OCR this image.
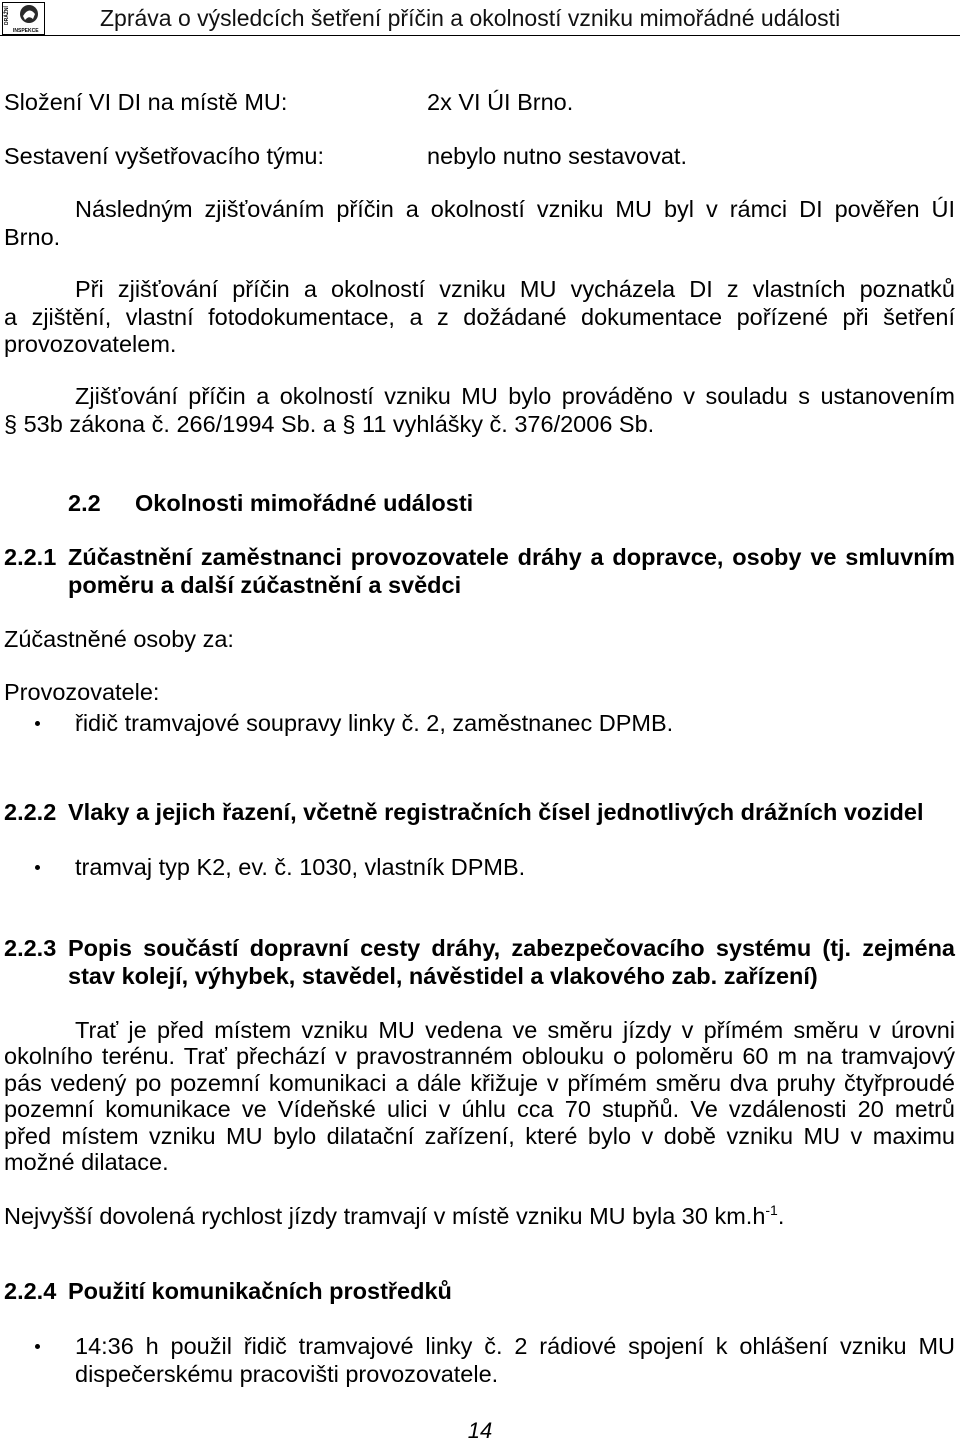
DRÁŽNÍ
INSPEKCE	Zpráva o výsledcích šetření příčin a okolností vzniku mimořádné události
Složení VI DI na místě MU:	2x VI ÚI Brno.
Sestavení vyšetřovacího týmu:	nebylo nutno sestavovat.
Následným zjišťováním příčin a okolností vzniku MU byl v rámci DI pověřen ÚI
Brno.
Při zjišťování příčin a okolností vzniku MU vycházela DI z vlastních poznatků
a zjištění, vlastní fotodokumentace, a z dožádané dokumentace pořízené při šetření
provozovatelem.
Zjišťování příčin a okolností vzniku MU bylo prováděno v souladu s ustanovením
§ 53b zákona č. 266/1994 Sb. a § 11 vyhlášky č. 376/2006 Sb.
2.2 Okolnosti mimořádné události
2.2.1 Zúčastnění zaměstnanci provozovatele dráhy a dopravce, osoby ve smluvním
poměru a další zúčastnění a svědci
Zúčastněné osoby za:
Provozovatele:
řidič tramvajové soupravy linky č. 2, zaměstnanec DPMB.
2.2.2 Vlaky a jejich řazení, včetně registračních čísel jednotlivých drážních vozidel
tramvaj typ K2, ev. č. 1030, vlastník DPMB.
2.2.3 Popis součástí dopravní cesty dráhy, zabezpečovacího systému (tj. zejména
stav kolejí, výhybek, stavědel, návěstidel a vlakového zab. zařízení)
Trať je před místem vzniku MU vedena ve směru jízdy v přímém směru v úrovni
okolního terénu. Trať přechází v pravostranném oblouku o poloměru 60 m na tramvajový
pás vedený po pozemní komunikaci a dále křižuje v přímém směru dva pruhy čtyřproudé
pozemní komunikace ve Vídeňské ulici v úhlu cca 70 stupňů. Ve vzdálenosti 20 metrů
před místem vzniku MU bylo dilatační zařízení, které bylo v době vzniku MU v maximu
možné dilatace.
Nejvyšší dovolená rychlost jízdy tramvají v místě vzniku MU byla 30 $km.h^{-1}$.
2.2.4 Použití komunikačních prostředků
14:36 h použil řidič tramvajové linky č. 2 rádiové spojení k ohlášení vzniku MU
dispečerskému pracovišti provozovatele.
14
